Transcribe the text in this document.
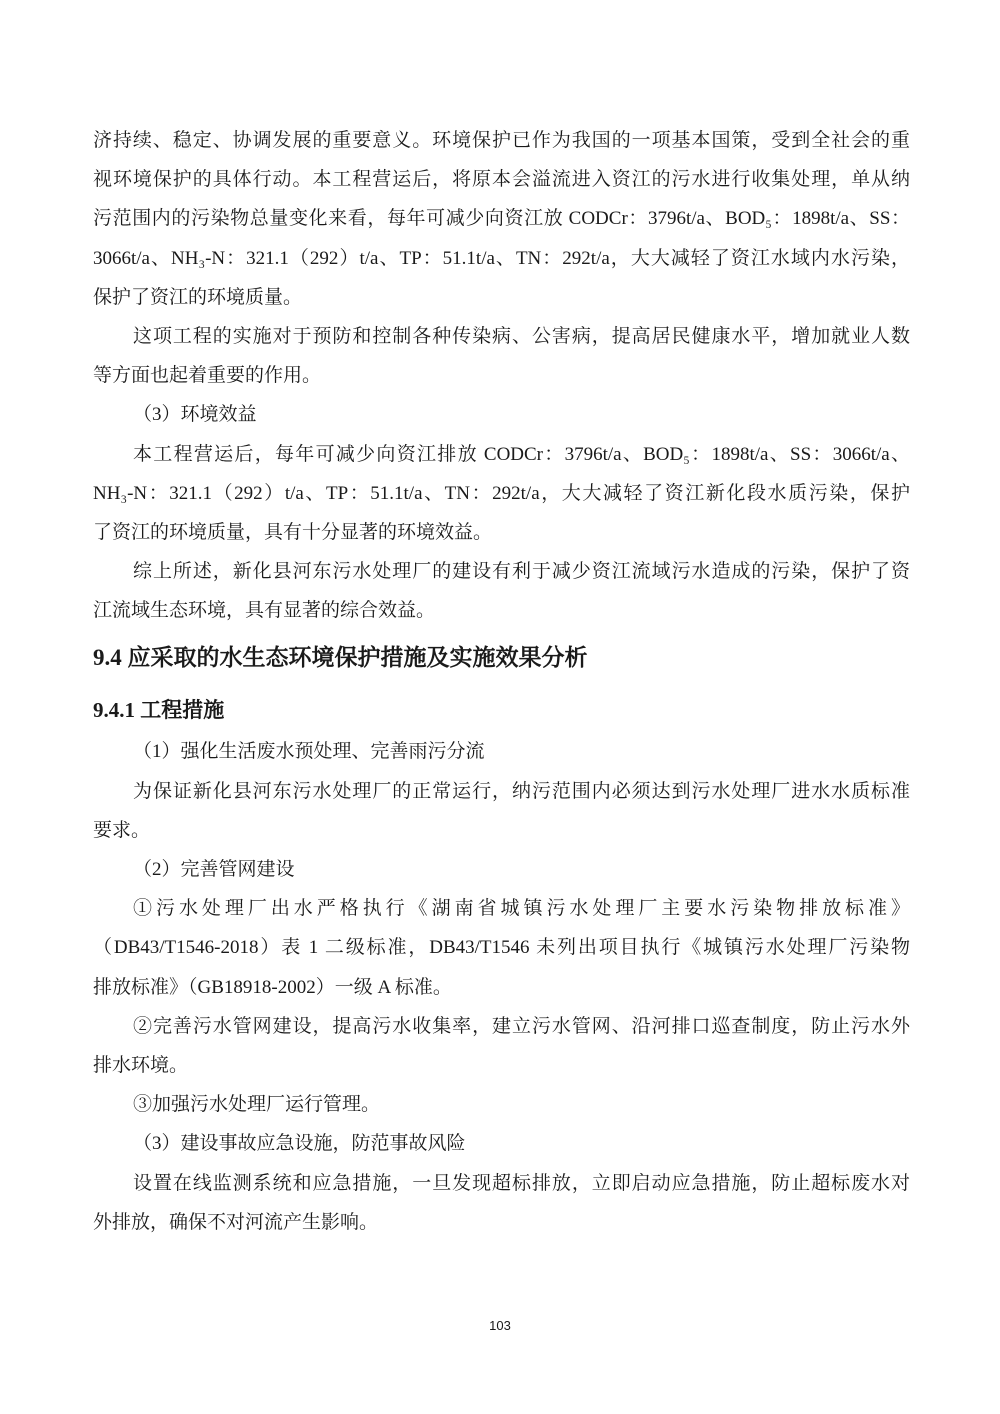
济持续、稳定、协调发展的重要意义。环境保护已作为我国的一项基本国策，受到全社会的重
视环境保护的具体行动。本工程营运后，将原本会溢流进入资江的污水进行收集处理，单从纳
污范围内的污染物总量变化来看，每年可减少向资江放 CODCr：3796t/a、BOD₅：1898t/a、SS：
3066t/a、NH₃-N：321.1（292）t/a、TP：51.1t/a、TN：292t/a，大大减轻了资江水域内水污染，
保护了资江的环境质量。
这项工程的实施对于预防和控制各种传染病、公害病，提高居民健康水平，增加就业人数
等方面也起着重要的作用。
（3）环境效益
本工程营运后，每年可减少向资江排放 CODCr：3796t/a、BOD₅：1898t/a、SS：3066t/a、
NH₃-N：321.1（292）t/a、TP：51.1t/a、TN：292t/a，大大减轻了资江新化段水质污染，保护
了资江的环境质量，具有十分显著的环境效益。
综上所述，新化县河东污水处理厂的建设有利于减少资江流域污水造成的污染，保护了资
江流域生态环境，具有显著的综合效益。
9.4 应采取的水生态环境保护措施及实施效果分析
9.4.1 工程措施
（1）强化生活废水预处理、完善雨污分流
为保证新化县河东污水处理厂的正常运行，纳污范围内必须达到污水处理厂进水水质标准
要求。
（2）完善管网建设
①污水处理厂出水严格执行《湖南省城镇污水处理厂主要水污染物排放标准》
（DB43/T1546-2018）表 1 二级标准，DB43/T1546 未列出项目执行《城镇污水处理厂污染物
排放标准》（GB18918-2002）一级 A 标准。
②完善污水管网建设，提高污水收集率，建立污水管网、沿河排口巡查制度，防止污水外
排水环境。
③加强污水处理厂运行管理。
（3）建设事故应急设施，防范事故风险
设置在线监测系统和应急措施，一旦发现超标排放，立即启动应急措施，防止超标废水对
外排放，确保不对河流产生影响。
103
